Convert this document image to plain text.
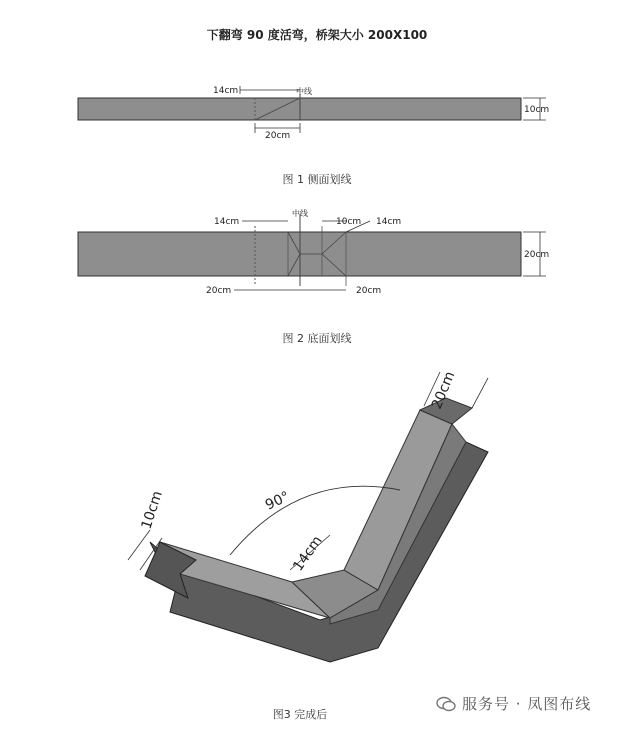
下翻弯 90 度活弯，桥架大小 200X100
14cm	中线
20cm
10cm
图 1 侧面划线
14cm
中线
10cm 14cm
20cm	20cm
20cm
图 2 底面划线
90°
10cm
14cm
20cm
图3 完成后
服务号 · 凤图布线
